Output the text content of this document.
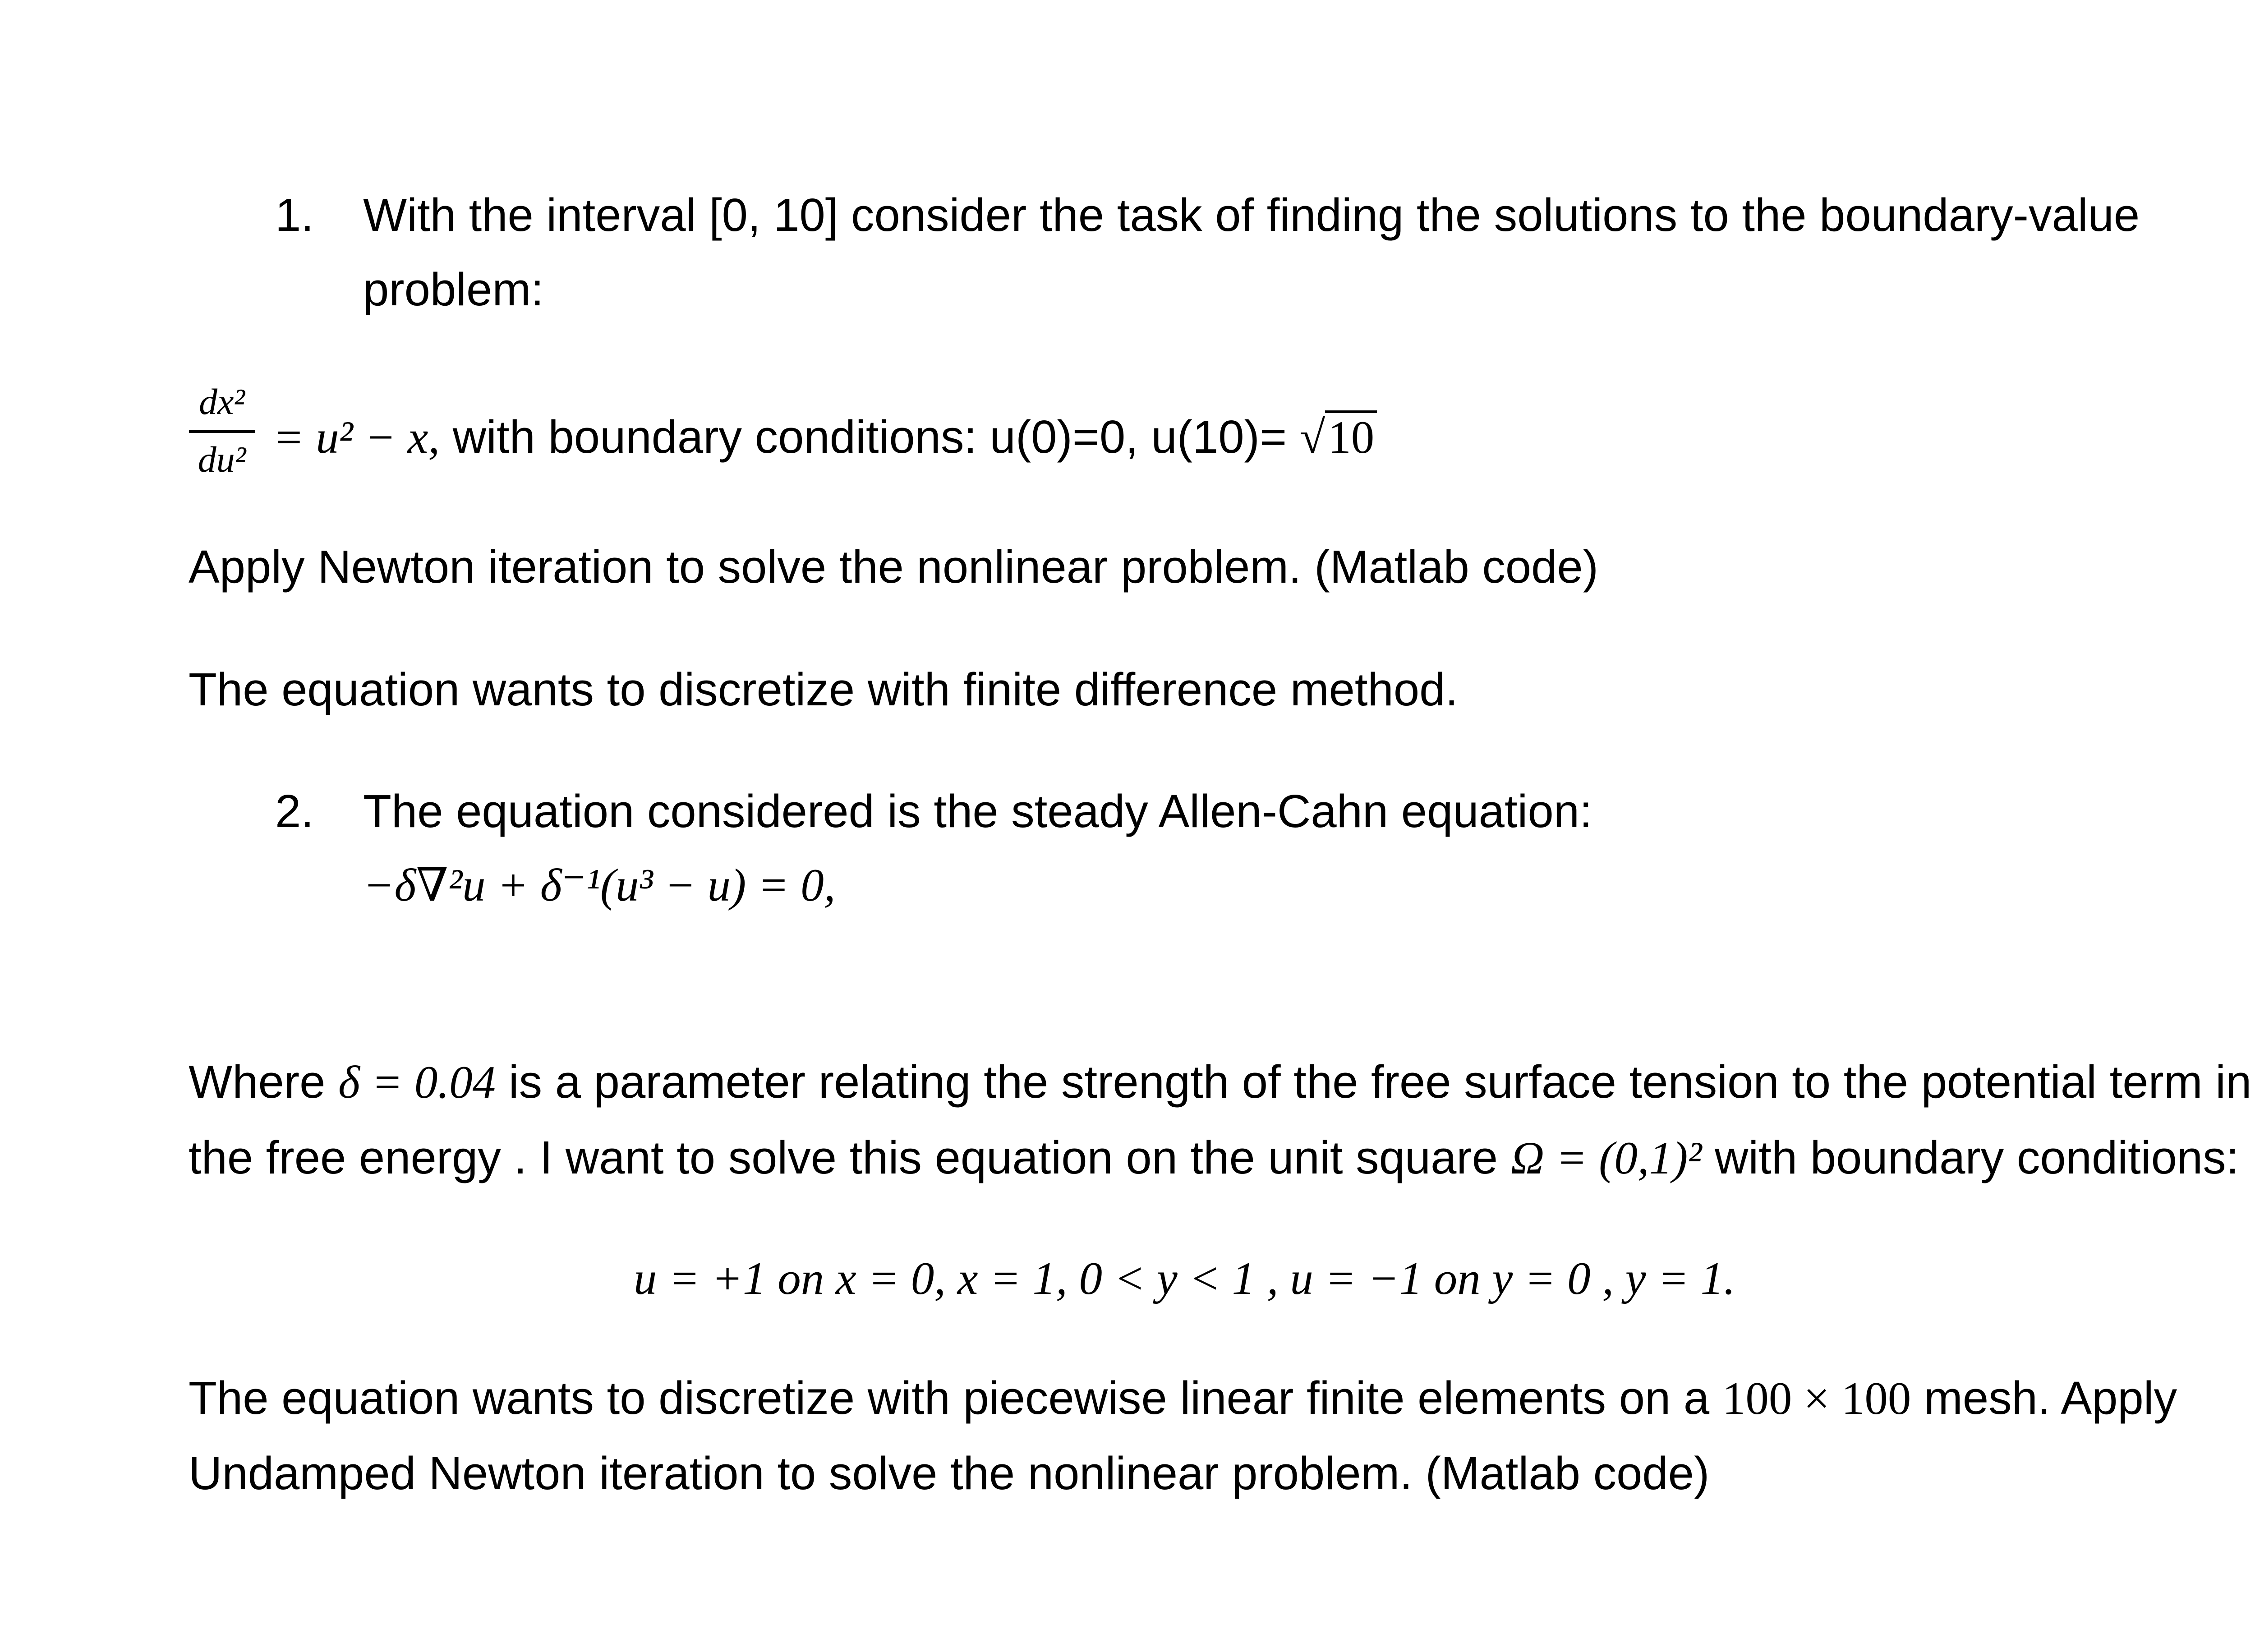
1. With the interval [0, 10] consider the task of finding the solutions to the boundary-value
problem:
dx²
du² = u² − x, with boundary conditions: u(0)=0, u(10)= √10
Apply Newton iteration to solve the nonlinear problem. (Matlab code)
The equation wants to discretize with finite difference method.
2. The equation considered is the steady Allen-Cahn equation:
−δ∇²u + δ⁻¹(u³ − u) = 0,
Where δ = 0.04 is a parameter relating the strength of the free surface tension to the potential term in
the free energy . I want to solve this equation on the unit square Ω = (0,1)² with boundary conditions:
u = +1 on x = 0, x = 1, 0 < y < 1 , u = −1 on y = 0 , y = 1.
The equation wants to discretize with piecewise linear finite elements on a 100 × 100 mesh. Apply
Undamped Newton iteration to solve the nonlinear problem. (Matlab code)
